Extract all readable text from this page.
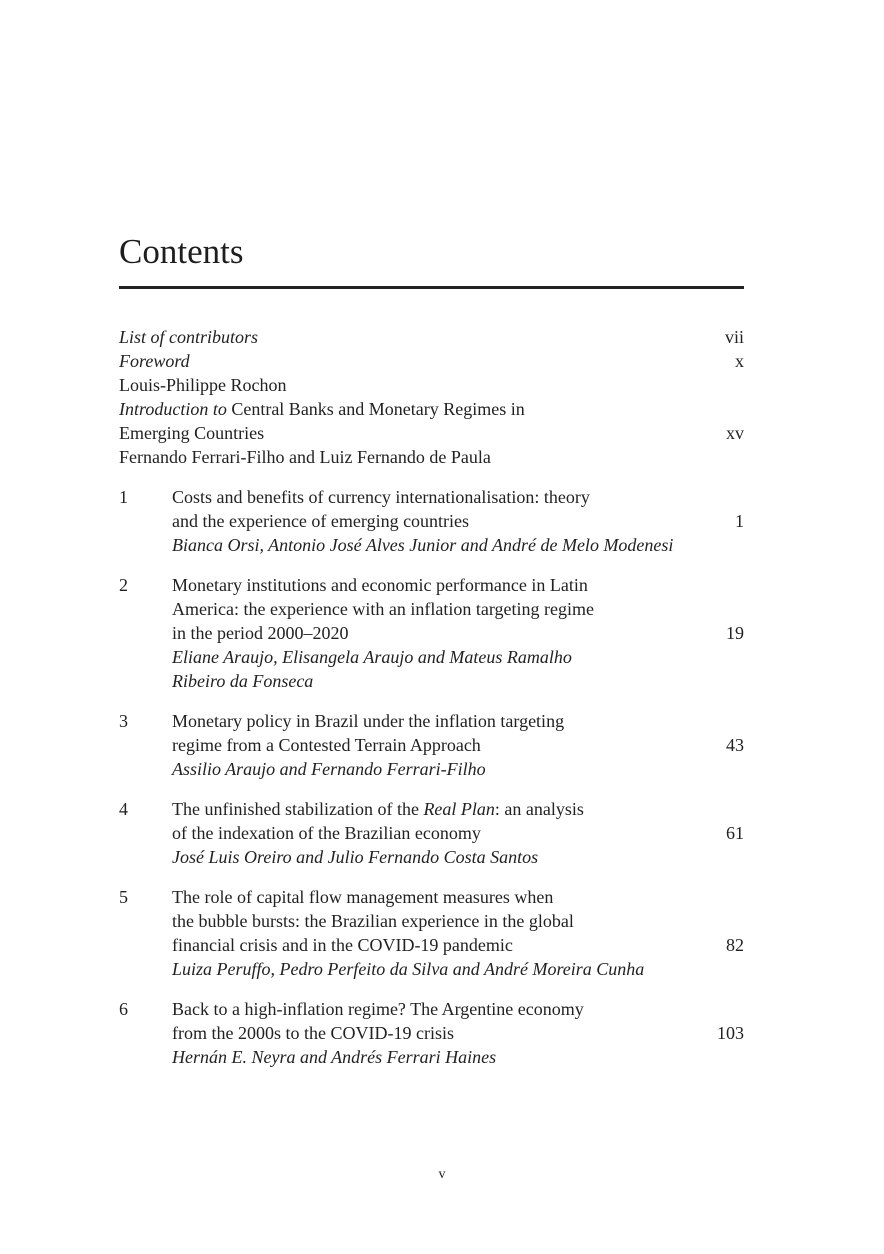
Contents
List of contributors	vii
Foreword	x
Louis-Philippe Rochon
Introduction to Central Banks and Monetary Regimes in
Emerging Countries	xv
Fernando Ferrari-Filho and Luiz Fernando de Paula
1 Costs and benefits of currency internationalisation: theory
and the experience of emerging countries	1
Bianca Orsi, Antonio José Alves Junior and André de Melo Modenesi
2 Monetary institutions and economic performance in Latin
America: the experience with an inflation targeting regime
in the period 2000–2020	19
Eliane Araujo, Elisangela Araujo and Mateus Ramalho
Ribeiro da Fonseca
3 Monetary policy in Brazil under the inflation targeting
regime from a Contested Terrain Approach	43
Assilio Araujo and Fernando Ferrari-Filho
4 The unfinished stabilization of the Real Plan: an analysis
of the indexation of the Brazilian economy	61
José Luis Oreiro and Julio Fernando Costa Santos
5 The role of capital flow management measures when
the bubble bursts: the Brazilian experience in the global
financial crisis and in the COVID-19 pandemic	82
Luiza Peruffo, Pedro Perfeito da Silva and André Moreira Cunha
6 Back to a high-inflation regime? The Argentine economy
from the 2000s to the COVID-19 crisis	103
Hernán E. Neyra and Andrés Ferrari Haines
v
